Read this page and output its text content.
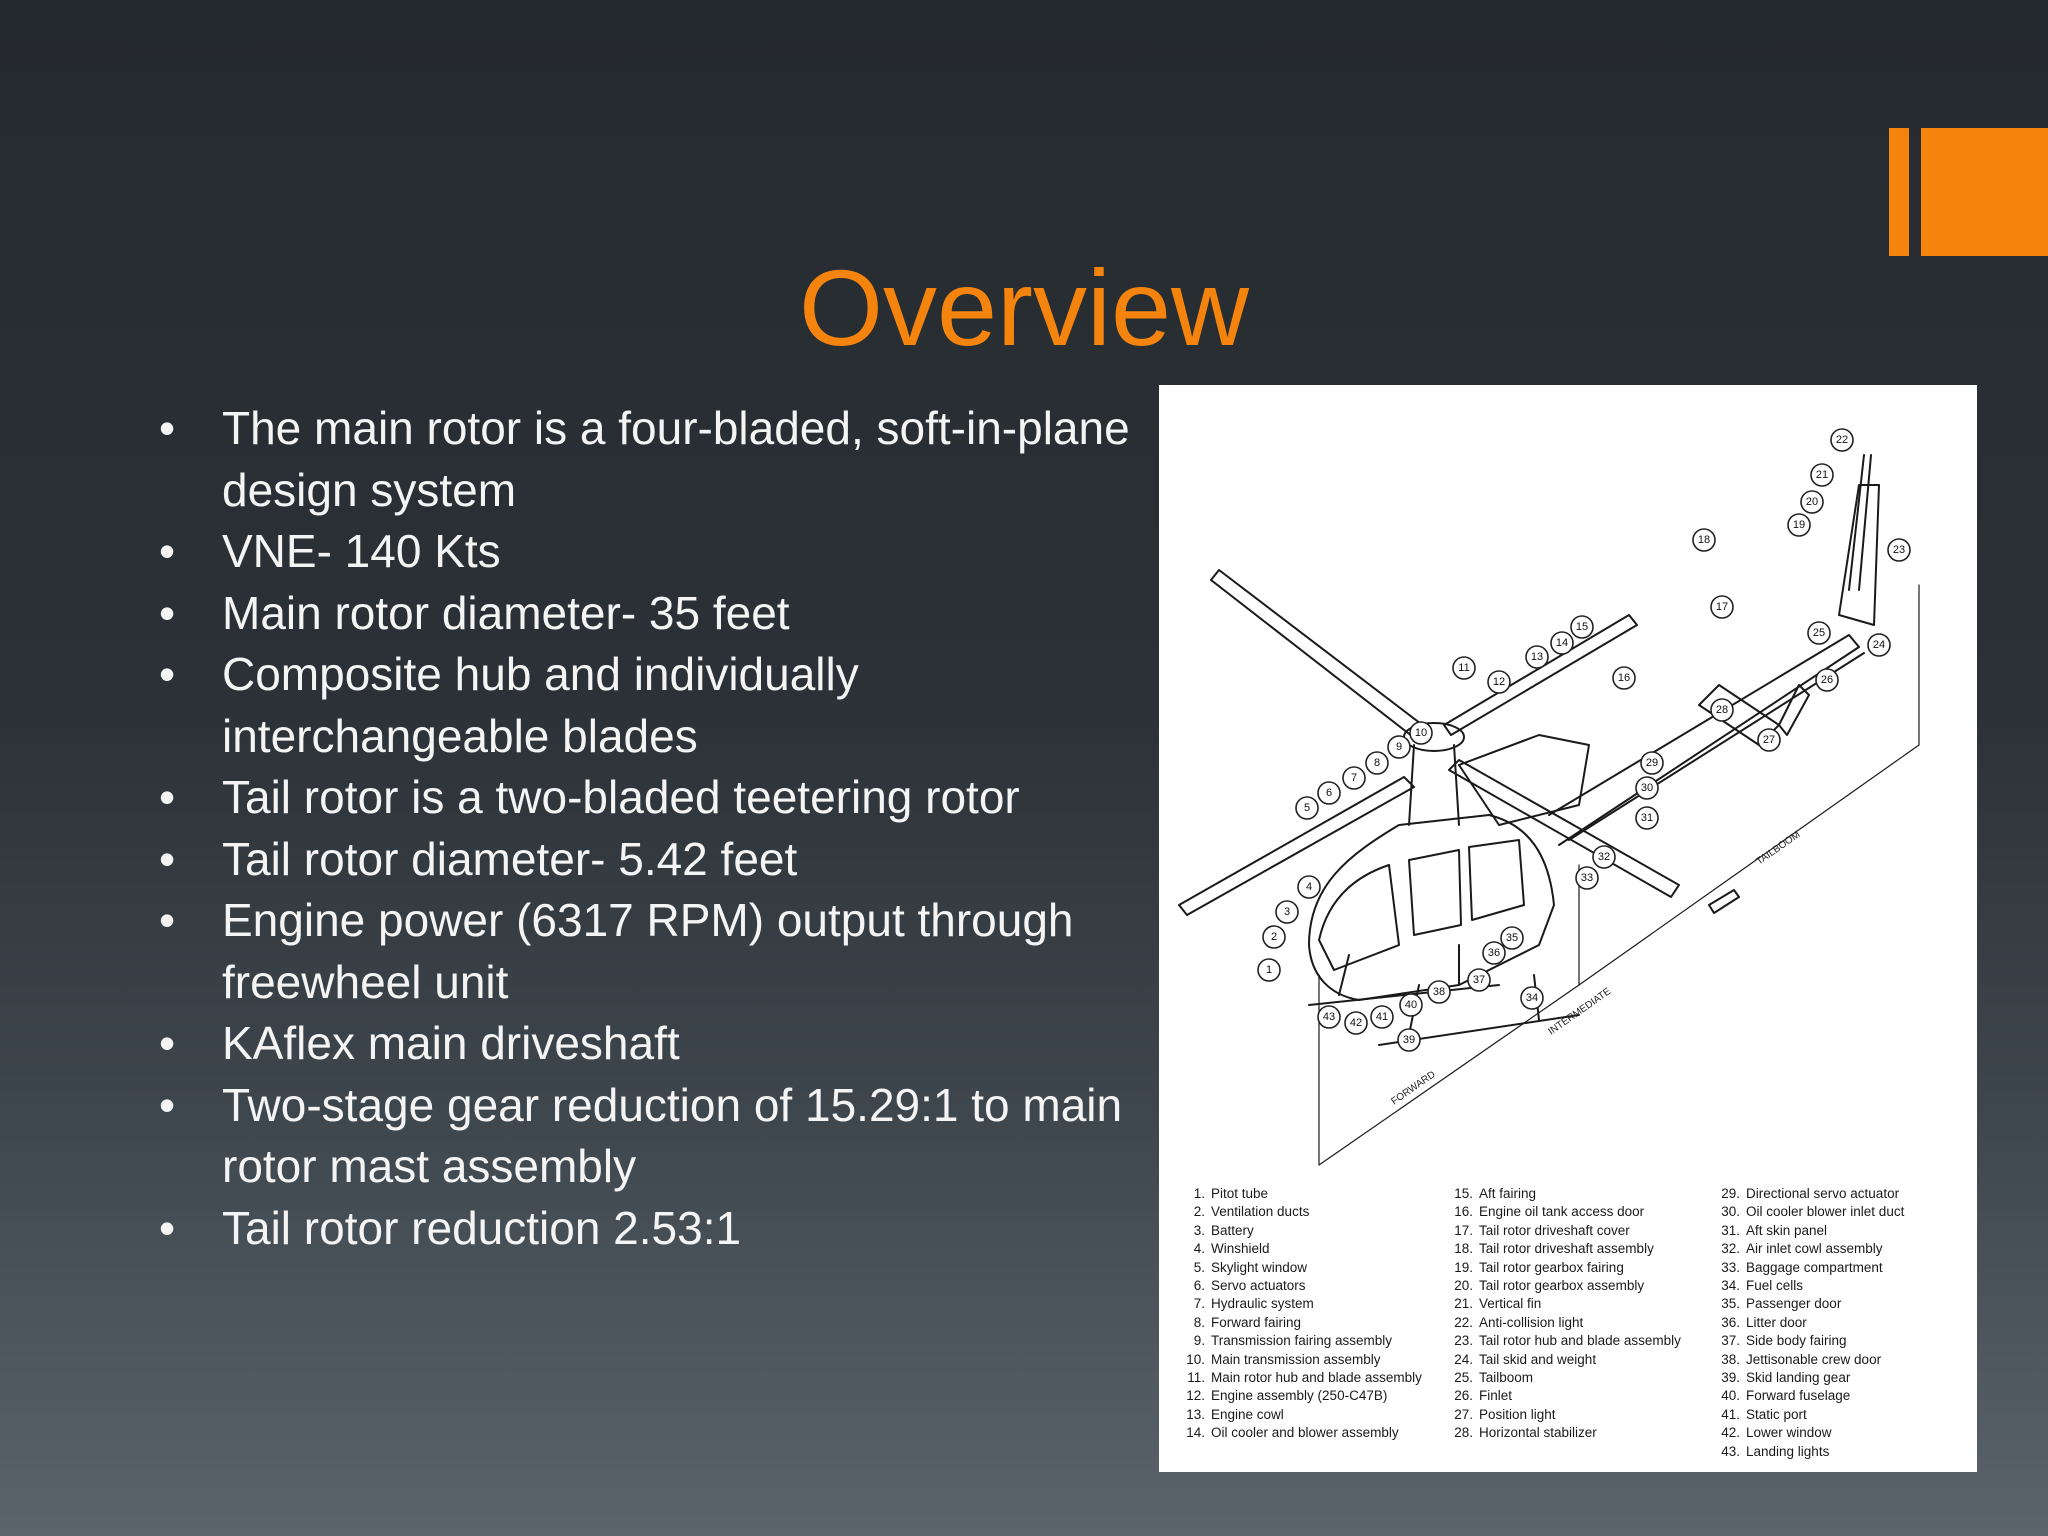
Overview
• The main rotor is a four-bladed, soft-in-plane design system
• VNE- 140 Kts
• Main rotor diameter- 35 feet
• Composite hub and individually interchangeable blades
• Tail rotor is a two-bladed teetering rotor
• Tail rotor diameter- 5.42 feet
• Engine power (6317 RPM) output through freewheel unit
• KAflex main driveshaft
• Two-stage gear reduction of 15.29:1 to main rotor mast assembly
• Tail rotor reduction 2.53:1
FORWARD
INTERMEDIATE
TAILBOOM
1
2
3
4
5
6
7
8
9
10
11
12
13
14
15
16
17
18
19
20
21
22
23
24
25
26
27
28
29
30
31
32
33
34
35
36
37
38
39
40
41
42
43
1. Pitot tube
2. Ventilation ducts
3. Battery
4. Winshield
5. Skylight window
6. Servo actuators
7. Hydraulic system
8. Forward fairing
9. Transmission fairing assembly
10. Main transmission assembly
11. Main rotor hub and blade assembly
12. Engine assembly (250-C47B)
13. Engine cowl
14. Oil cooler and blower assembly
15. Aft fairing
16. Engine oil tank access door
17. Tail rotor driveshaft cover
18. Tail rotor driveshaft assembly
19. Tail rotor gearbox fairing
20. Tail rotor gearbox assembly
21. Vertical fin
22. Anti-collision light
23. Tail rotor hub and blade assembly
24. Tail skid and weight
25. Tailboom
26. Finlet
27. Position light
28. Horizontal stabilizer
29. Directional servo actuator
30. Oil cooler blower inlet duct
31. Aft skin panel
32. Air inlet cowl assembly
33. Baggage compartment
34. Fuel cells
35. Passenger door
36. Litter door
37. Side body fairing
38. Jettisonable crew door
39. Skid landing gear
40. Forward fuselage
41. Static port
42. Lower window
43. Landing lights
